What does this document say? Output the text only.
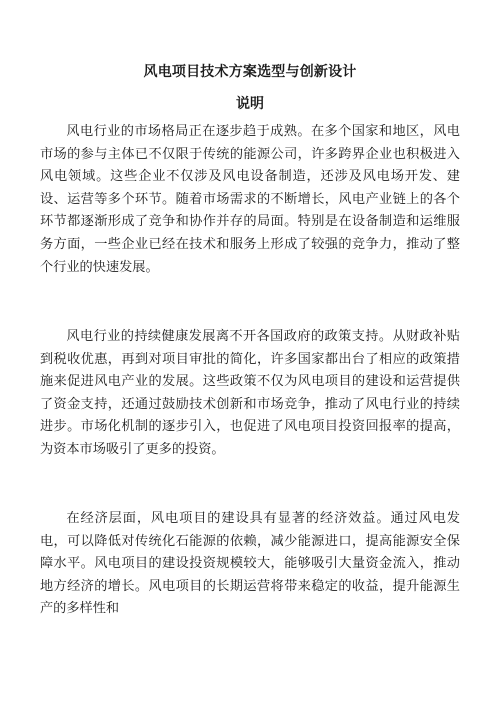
风电项目技术方案选型与创新设计
说明

风电行业的市场格局正在逐步趋于成熟。在多个国家和地区，风电市场的参与主体已不仅限于传统的能源公司，许多跨界企业也积极进入风电领域。这些企业不仅涉及风电设备制造，还涉及风电场开发、建设、运营等多个环节。随着市场需求的不断增长，风电产业链上的各个环节都逐渐形成了竞争和协作并存的局面。特别是在设备制造和运维服务方面，一些企业已经在技术和服务上形成了较强的竞争力，推动了整个行业的快速发展。

风电行业的持续健康发展离不开各国政府的政策支持。从财政补贴到税收优惠，再到对项目审批的简化，许多国家都出台了相应的政策措施来促进风电产业的发展。这些政策不仅为风电项目的建设和运营提供了资金支持，还通过鼓励技术创新和市场竞争，推动了风电行业的持续进步。市场化机制的逐步引入，也促进了风电项目投资回报率的提高，为资本市场吸引了更多的投资。

在经济层面，风电项目的建设具有显著的经济效益。通过风电发电，可以降低对传统化石能源的依赖，减少能源进口，提高能源安全保障水平。风电项目的建设投资规模较大，能够吸引大量资金流入，推动地方经济的增长。风电项目的长期运营将带来稳定的收益，提升能源生产的多样性和
